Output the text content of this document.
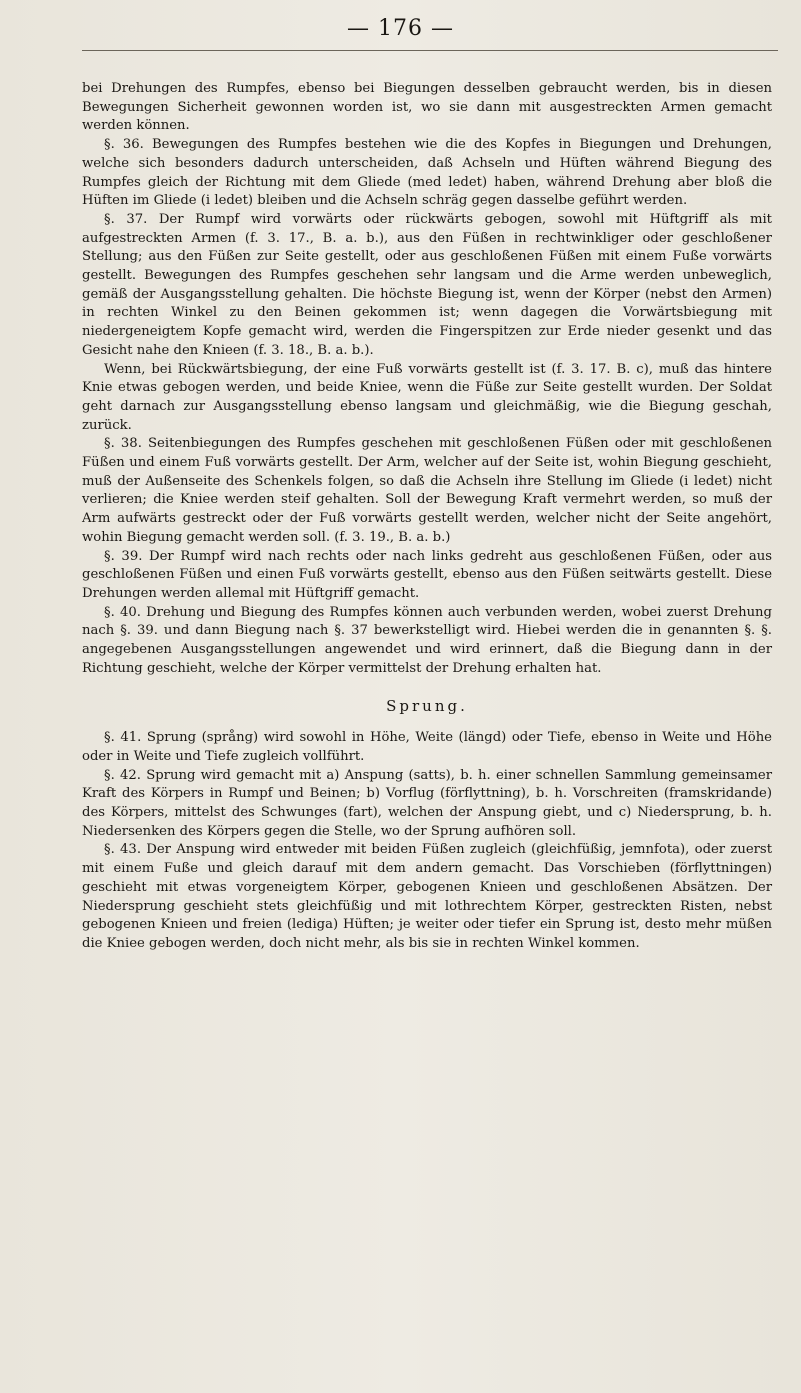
— 176 —

bei Drehungen des Rumpfes, ebenso bei Biegungen desselben gebraucht werden, bis in diesen Bewegungen Sicherheit gewonnen worden ist, wo sie dann mit ausgestreckten Armen gemacht werden können.

§. 36. Bewegungen des Rumpfes bestehen wie die des Kopfes in Biegungen und Drehungen, welche sich besonders dadurch unterscheiden, daß Achseln und Hüften während Biegung des Rumpfes gleich der Richtung mit dem Gliede (med ledet) haben, während Drehung aber bloß die Hüften im Gliede (i ledet) bleiben und die Achseln schräg gegen dasselbe geführt werden.

§. 37. Der Rumpf wird vorwärts oder rückwärts gebogen, sowohl mit Hüftgriff als mit aufgestreckten Armen (f. 3. 17., B. a. b.), aus den Füßen in rechtwinkliger oder geschloßener Stellung; aus den Füßen zur Seite gestellt, oder aus geschloßenen Füßen mit einem Fuße vorwärts gestellt. Bewegungen des Rumpfes geschehen sehr langsam und die Arme werden unbeweglich, gemäß der Ausgangsstellung gehalten. Die höchste Biegung ist, wenn der Körper (nebst den Armen) in rechten Winkel zu den Beinen gekommen ist; wenn dagegen die Vorwärtsbiegung mit niedergeneigtem Kopfe gemacht wird, werden die Fingerspitzen zur Erde nieder gesenkt und das Gesicht nahe den Knieen (f. 3. 18., B. a. b.).

Wenn, bei Rückwärtsbiegung, der eine Fuß vorwärts gestellt ist (f. 3. 17. B. c), muß das hintere Knie etwas gebogen werden, und beide Kniee, wenn die Füße zur Seite gestellt wurden. Der Soldat geht darnach zur Ausgangsstellung ebenso langsam und gleichmäßig, wie die Biegung geschah, zurück.

§. 38. Seitenbiegungen des Rumpfes geschehen mit geschloßenen Füßen oder mit geschloßenen Füßen und einem Fuß vorwärts gestellt. Der Arm, welcher auf der Seite ist, wohin Biegung geschieht, muß der Außenseite des Schenkels folgen, so daß die Achseln ihre Stellung im Gliede (i ledet) nicht verlieren; die Kniee werden steif gehalten. Soll der Bewegung Kraft vermehrt werden, so muß der Arm aufwärts gestreckt oder der Fuß vorwärts gestellt werden, welcher nicht der Seite angehört, wohin Biegung gemacht werden soll. (f. 3. 19., B. a. b.)

§. 39. Der Rumpf wird nach rechts oder nach links gedreht aus geschloßenen Füßen, oder aus geschloßenen Füßen und einen Fuß vorwärts gestellt, ebenso aus den Füßen seitwärts gestellt. Diese Drehungen werden allemal mit Hüftgriff gemacht.

§. 40. Drehung und Biegung des Rumpfes können auch verbunden werden, wobei zuerst Drehung nach §. 39. und dann Biegung nach §. 37 bewerkstelligt wird. Hiebei werden die in genannten §. §. angegebenen Ausgangsstellungen angewendet und wird erinnert, daß die Biegung dann in der Richtung geschieht, welche der Körper vermittelst der Drehung erhalten hat.

Sprung.

§. 41. Sprung (språng) wird sowohl in Höhe, Weite (längd) oder Tiefe, ebenso in Weite und Höhe oder in Weite und Tiefe zugleich vollführt.

§. 42. Sprung wird gemacht mit a) Anspung (satts), b. h. einer schnellen Sammlung gemeinsamer Kraft des Körpers in Rumpf und Beinen; b) Vorflug (förflyttning), b. h. Vorschreiten (framskridande) des Körpers, mittelst des Schwunges (fart), welchen der Anspung giebt, und c) Niedersprung, b. h. Niedersenken des Körpers gegen die Stelle, wo der Sprung aufhören soll.

§. 43. Der Anspung wird entweder mit beiden Füßen zugleich (gleichfüßig, jemnfota), oder zuerst mit einem Fuße und gleich darauf mit dem andern gemacht. Das Vorschieben (förflyttningen) geschieht mit etwas vorgeneigtem Körper, gebogenen Knieen und geschloßenen Absätzen. Der Niedersprung geschieht stets gleichfüßig und mit lothrechtem Körper, gestreckten Risten, nebst gebogenen Knieen und freien (lediga) Hüften; je weiter oder tiefer ein Sprung ist, desto mehr müßen die Kniee gebogen werden, doch nicht mehr, als bis sie in rechten Winkel kommen.
